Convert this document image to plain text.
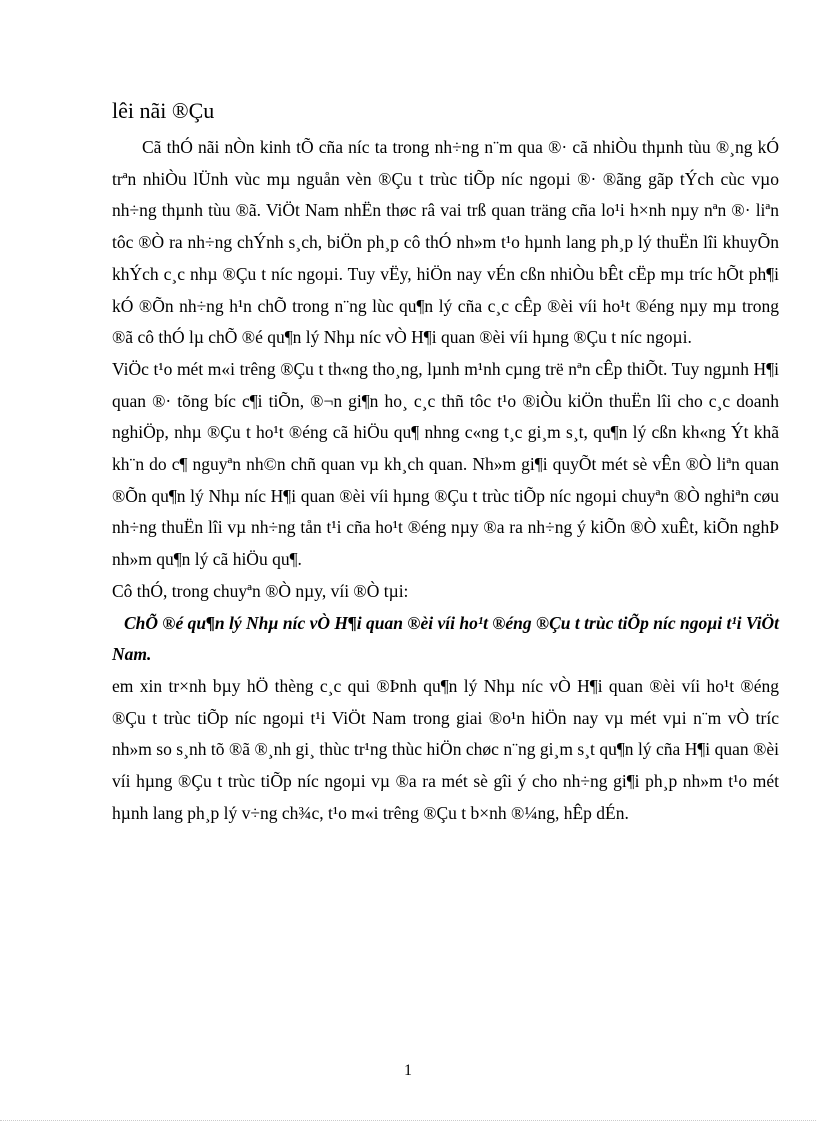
lêi nãi ®Çu

Cã thÓ nãi nÒn kinh tÕ cña níc ta trong nh÷ng n¨m qua ®· cã nhiÒu thµnh tùu ®¸ng kÓ trªn nhiÒu lÜnh vùc mµ nguån vèn ®Çu t trùc tiÕp níc ngoµi ®· ®ãng gãp tÝch cùc vµo nh÷ng thµnh tùu ®ã. ViÖt Nam nhËn thøc râ vai trß quan träng cña lo¹i h×nh nµy nªn ®· liªn tôc ®Ò ra nh÷ng chÝnh s¸ch, biÖn ph¸p cô thÓ nh»m t¹o hµnh lang ph¸p lý thuËn lîi khuyÕn khÝch c¸c nhµ ®Çu t níc ngoµi. Tuy vËy, hiÖn nay vÉn cßn nhiÒu bÊt cËp mµ tríc hÕt ph¶i kÓ ®Õn nh÷ng h¹n chÕ trong n¨ng lùc qu¶n lý cña c¸c cÊp ®èi víi ho¹t ®éng nµy mµ trong ®ã cô thÓ lµ chÕ ®é qu¶n lý Nhµ níc vÒ H¶i quan ®èi víi hµng ®Çu t níc ngoµi.

ViÖc t¹o mét m«i trêng ®Çu t th«ng tho¸ng, lµnh m¹nh cµng trë nªn cÊp thiÕt. Tuy ngµnh H¶i quan ®· tõng bíc c¶i tiÕn, ®¬n gi¶n ho¸ c¸c thñ tôc t¹o ®iÒu kiÖn thuËn lîi cho c¸c doanh nghiÖp, nhµ ®Çu t ho¹t ®éng cã hiÖu qu¶ nhng c«ng t¸c gi¸m s¸t, qu¶n lý cßn kh«ng Ýt khã kh¨n do c¶ nguyªn nh©n chñ quan vµ kh¸ch quan. Nh»m gi¶i quyÕt mét sè vÊn ®Ò liªn quan ®Õn qu¶n lý Nhµ níc H¶i quan ®èi víi hµng ®Çu t trùc tiÕp níc ngoµi chuyªn ®Ò nghiªn cøu nh÷ng thuËn lîi vµ nh÷ng tån t¹i cña ho¹t ®éng nµy ®a ra nh÷ng ý kiÕn ®Ò xuÊt, kiÕn nghÞ nh»m qu¶n lý cã hiÖu qu¶.

Cô thÓ, trong chuyªn ®Ò nµy, víi ®Ò tµi:

ChÕ ®é qu¶n lý Nhµ níc vÒ H¶i quan ®èi víi ho¹t ®éng ®Çu t trùc tiÕp níc ngoµi t¹i ViÖt Nam.

em xin tr×nh bµy hÖ thèng c¸c qui ®Þnh qu¶n lý Nhµ níc vÒ H¶i quan ®èi víi ho¹t ®éng ®Çu t trùc tiÕp níc ngoµi t¹i ViÖt Nam trong giai ®o¹n hiÖn nay vµ mét vµi n¨m vÒ tríc nh»m so s¸nh tõ ®ã ®¸nh gi¸ thùc tr¹ng thùc hiÖn chøc n¨ng gi¸m s¸t qu¶n lý cña H¶i quan ®èi víi hµng ®Çu t trùc tiÕp níc ngoµi vµ ®a ra mét sè gîi ý cho nh÷ng gi¶i ph¸p nh»m t¹o mét hµnh lang ph¸p lý v÷ng ch¾c, t¹o m«i trêng ®Çu t b×nh ®¼ng, hÊp dÉn.

1
